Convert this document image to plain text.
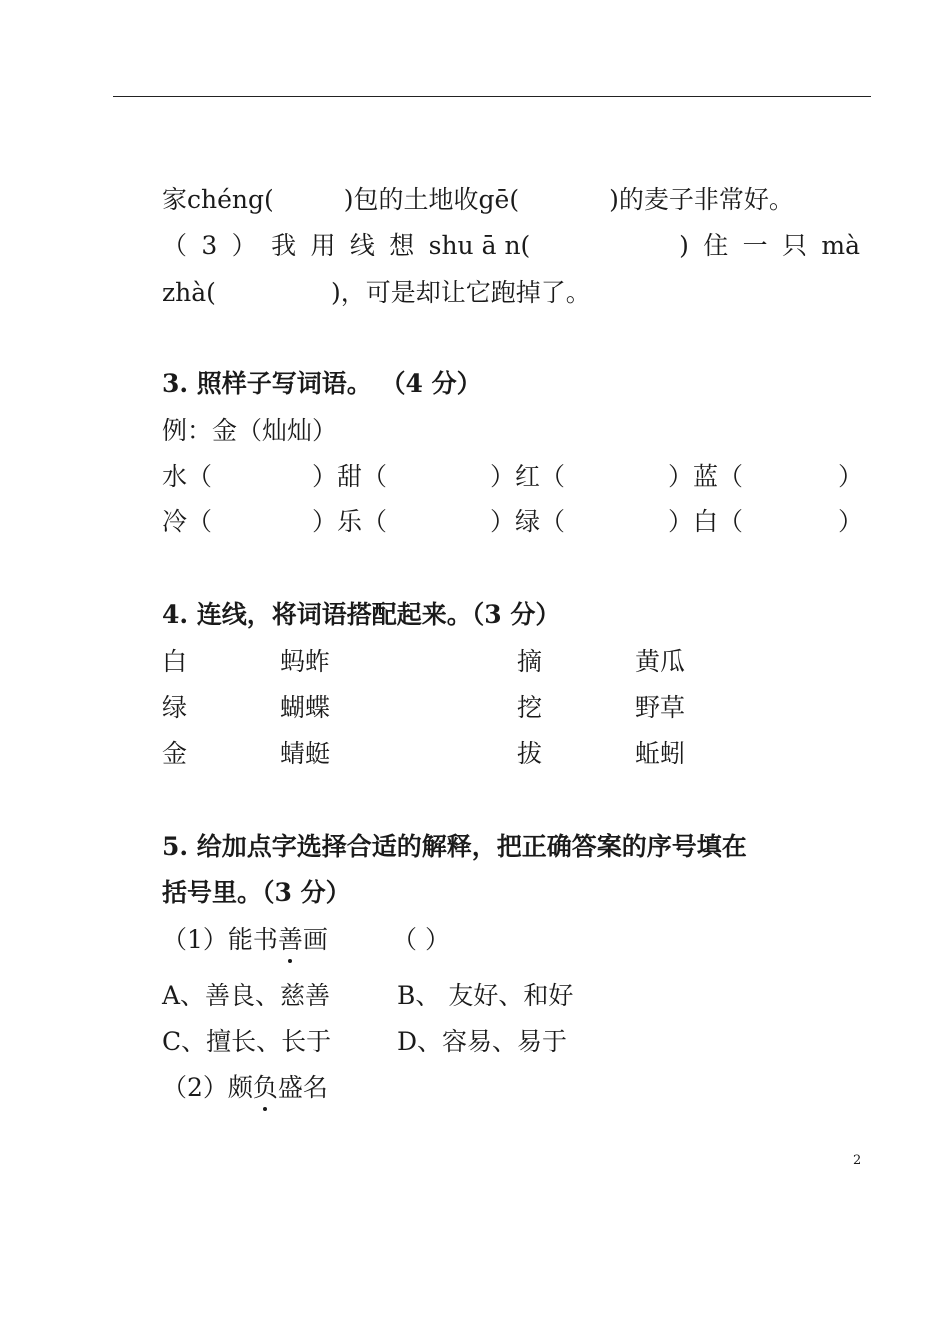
家chéng(	)包的土地收gē(	)的麦子非常好。
（ 3 ） 我 用 线 想 shu ā n(	) 住 一 只 mà
zhà(	)，可是却让它跑掉了。
3. 照样子写词语。 （4 分）
例：金（灿灿）
水（	）甜（	）红（	）蓝（	）
冷（	）乐（	）绿（	）白（	）
4. 连线，将词语搭配起来。（3 分）
白	蚂蚱	摘	黄瓜
绿	蝴蝶	挖	野草
金	蜻蜓	拔	蚯蚓
5. 给加点字选择合适的解释，把正确答案的序号填在
括号里。（3 分）
（1）能书善画	（ ）
A、善良、慈善	B、 友好、和好
C、擅长、长于	D、容易、易于
（2）颇负盛名
2
